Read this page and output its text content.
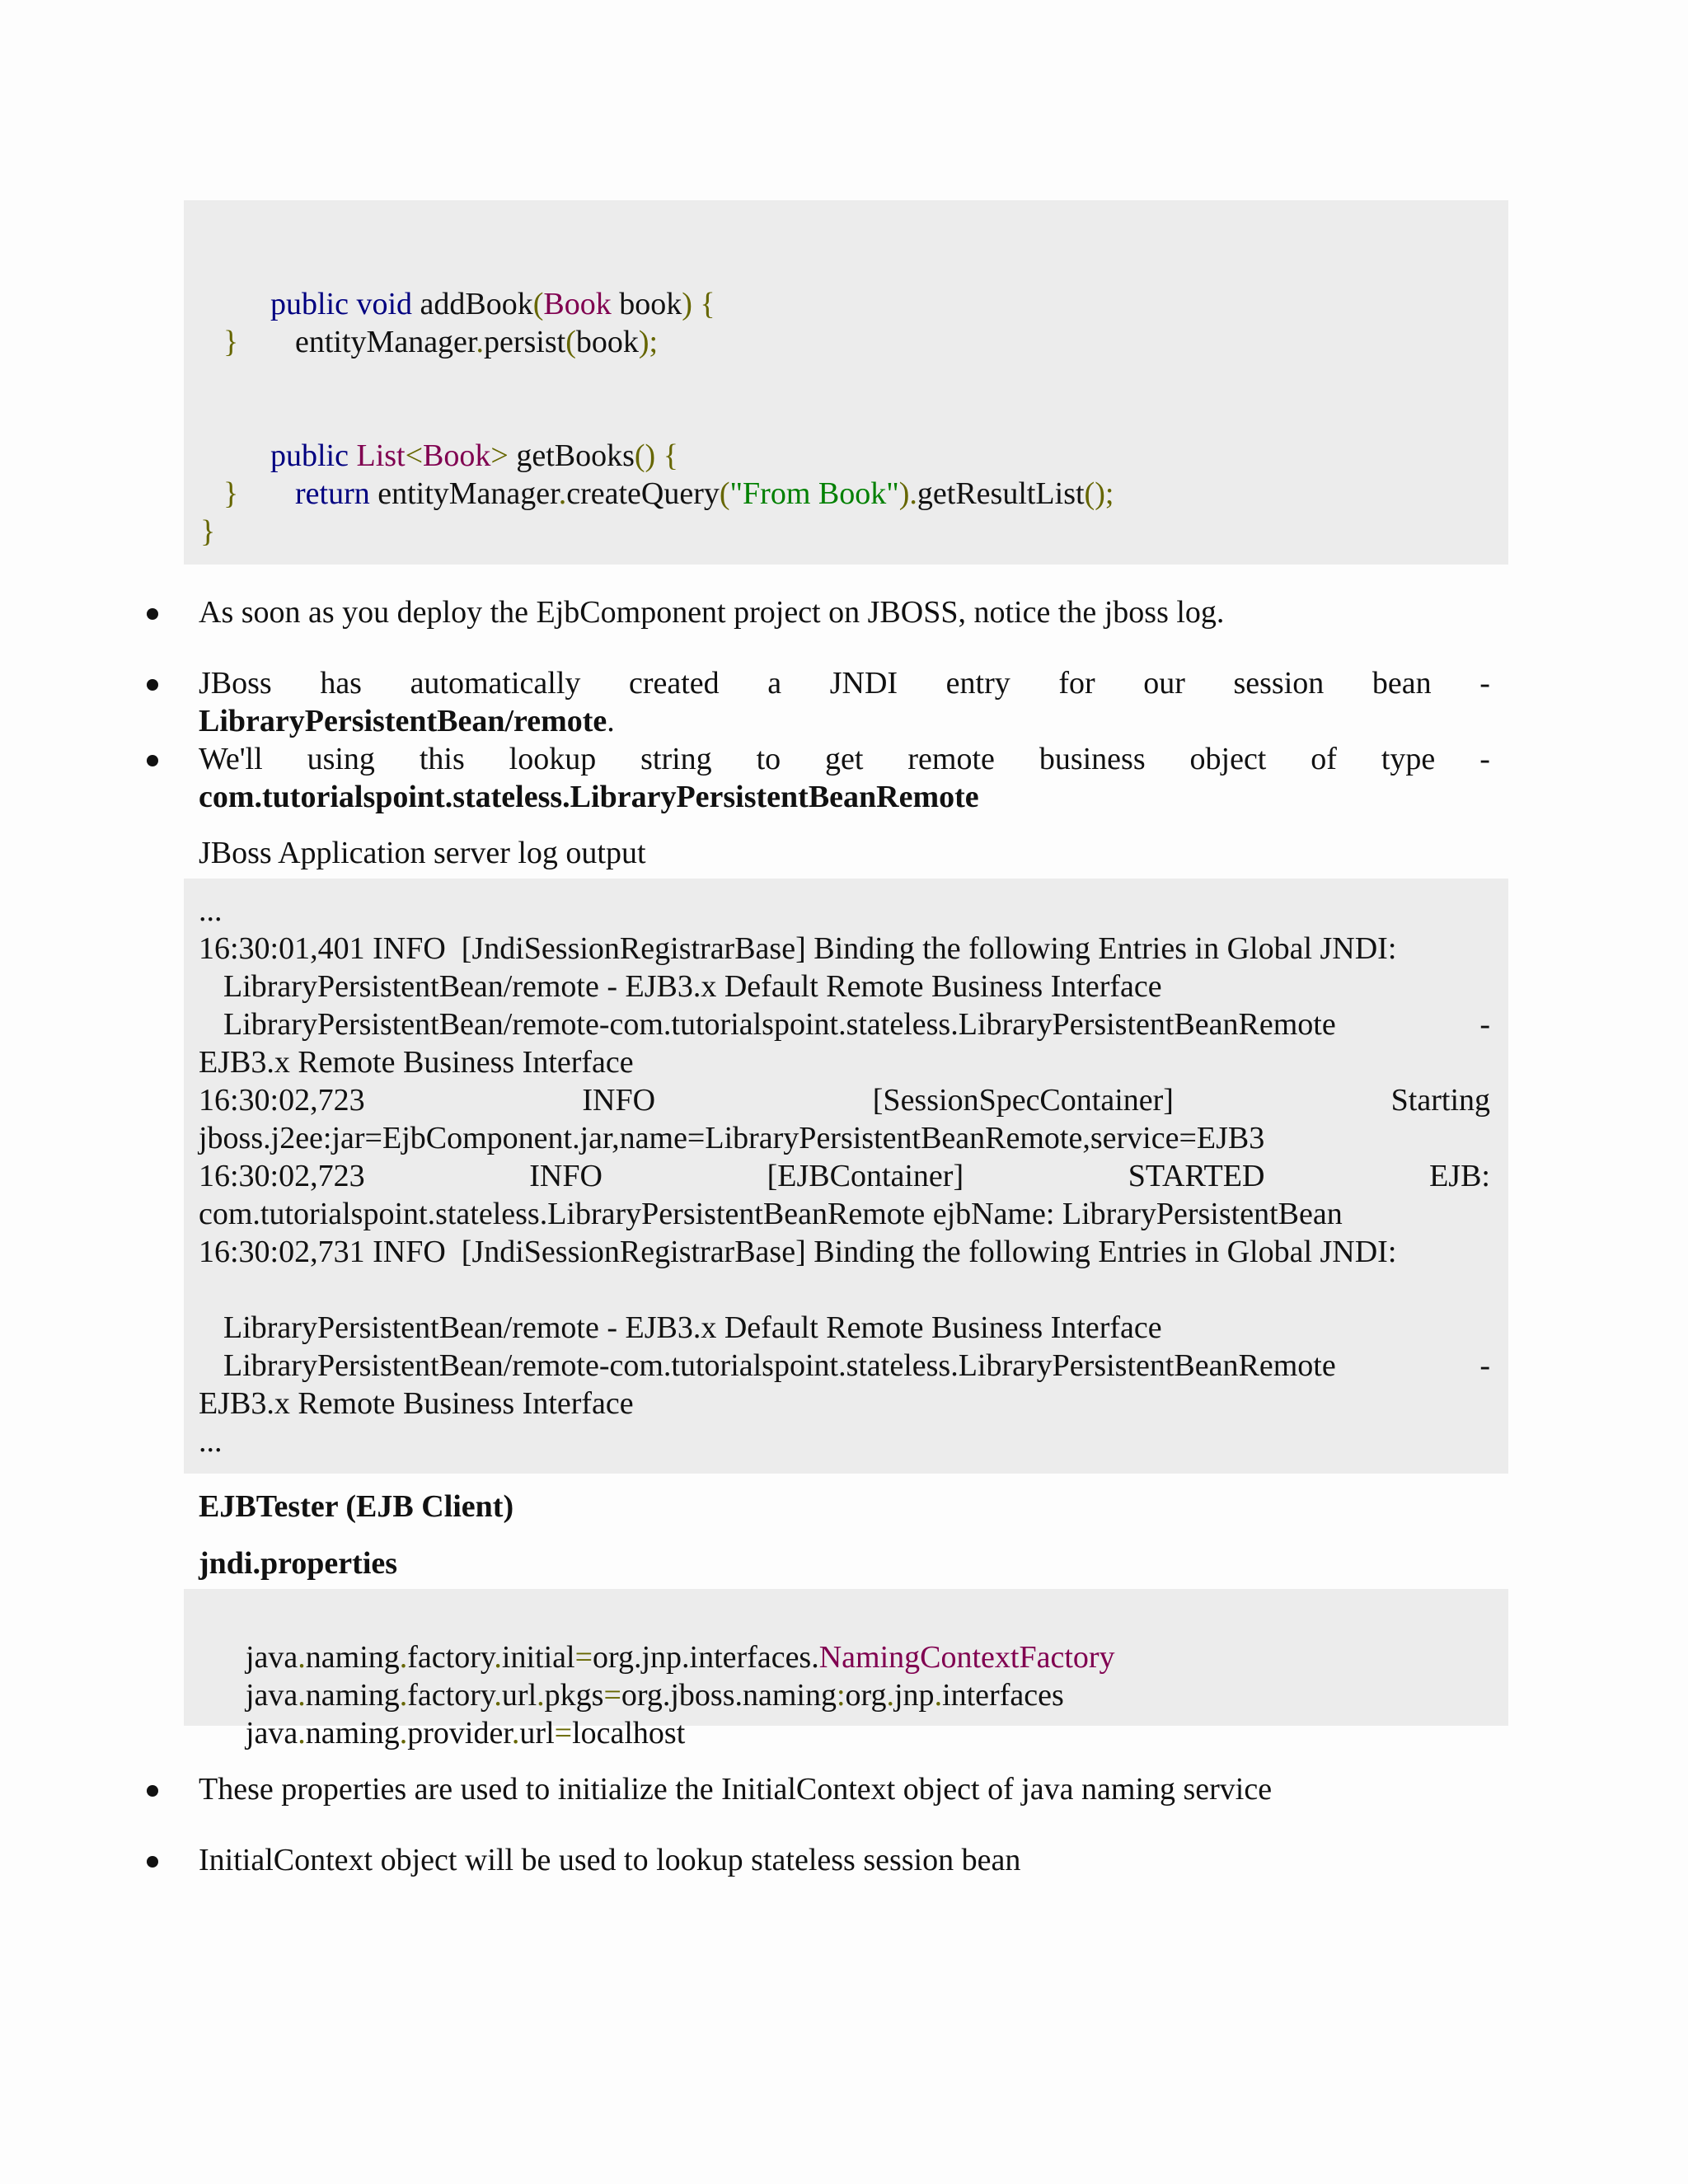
public void addBook(Book book) {

entityManager.persist(book);

}

public List<Book> getBooks() {

return entityManager.createQuery("From Book").getResultList();

}
}
As soon as you deploy the EjbComponent project on JBOSS, notice the jboss log.
JBoss has automatically created a JNDI entry for our session bean -
LibraryPersistentBean/remote.
We'll using this lookup string to get remote business object of type -
com.tutorialspoint.stateless.LibraryPersistentBeanRemote
JBoss Application server log output
...
16:30:01,401 INFO  [JndiSessionRegistrarBase] Binding the following Entries in Global JNDI:
LibraryPersistentBean/remote - EJB3.x Default Remote Business Interface
LibraryPersistentBean/remote-com.tutorialspoint.stateless.LibraryPersistentBeanRemote	-
EJB3.x Remote Business Interface
16:30:02,723	INFO	[SessionSpecContainer]	Starting
jboss.j2ee:jar=EjbComponent.jar,name=LibraryPersistentBeanRemote,service=EJB3
16:30:02,723	INFO	[EJBContainer]	STARTED	EJB:
com.tutorialspoint.stateless.LibraryPersistentBeanRemote ejbName: LibraryPersistentBean
16:30:02,731 INFO  [JndiSessionRegistrarBase] Binding the following Entries in Global JNDI:
LibraryPersistentBean/remote - EJB3.x Default Remote Business Interface
LibraryPersistentBean/remote-com.tutorialspoint.stateless.LibraryPersistentBeanRemote	-
EJB3.x Remote Business Interface
...
EJBTester (EJB Client)
jndi.properties

java.naming.factory.initial=org.jnp.interfaces.NamingContextFactory

java.naming.factory.url.pkgs=org.jboss.naming:org.jnp.interfaces

java.naming.provider.url=localhost

These properties are used to initialize the InitialContext object of java naming service
InitialContext object will be used to lookup stateless session bean
